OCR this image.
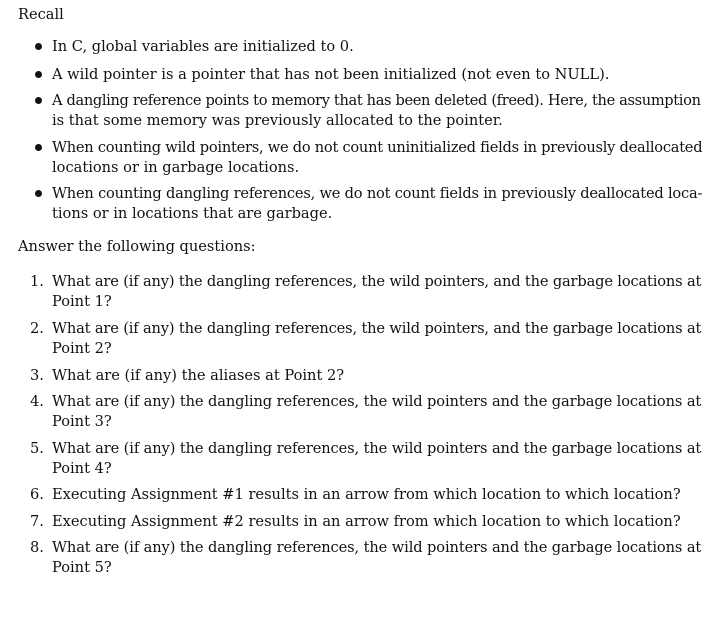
Recall
In C, global variables are initialized to 0.
A wild pointer is a pointer that has not been initialized (not even to NULL).
A dangling reference points to memory that has been deleted (freed). Here, the assumption
is that some memory was previously allocated to the pointer.
When counting wild pointers, we do not count uninitialized fields in previously deallocated
locations or in garbage locations.
When counting dangling references, we do not count fields in previously deallocated loca-
tions or in locations that are garbage.
Answer the following questions:
1. What are (if any) the dangling references, the wild pointers, and the garbage locations at
Point 1?
2. What are (if any) the dangling references, the wild pointers, and the garbage locations at
Point 2?
3. What are (if any) the aliases at Point 2?
4. What are (if any) the dangling references, the wild pointers and the garbage locations at
Point 3?
5. What are (if any) the dangling references, the wild pointers and the garbage locations at
Point 4?
6. Executing Assignment #1 results in an arrow from which location to which location?
7. Executing Assignment #2 results in an arrow from which location to which location?
8. What are (if any) the dangling references, the wild pointers and the garbage locations at
Point 5?
